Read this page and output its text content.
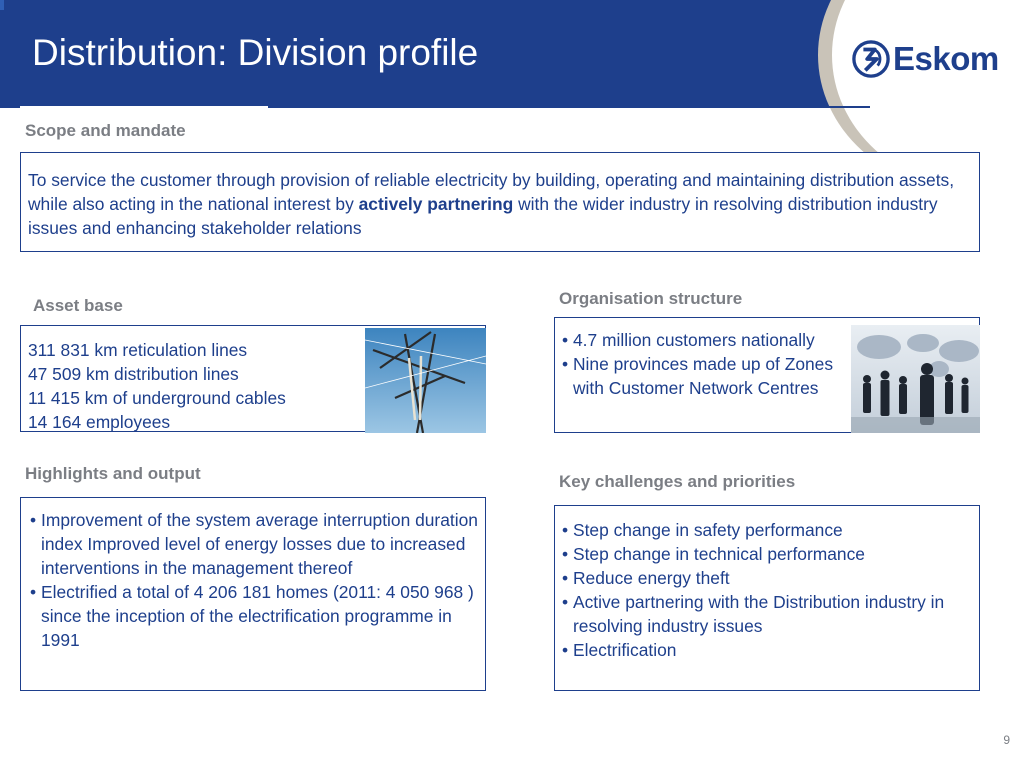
Distribution: Division profile	Eskom
Scope and mandate

To service the customer through provision of reliable electricity by building, operating and maintaining distribution assets, while also acting in the national interest by actively partnering with the wider industry in resolving distribution industry issues and enhancing stakeholder relations

Asset base
311 831 km reticulation lines
47 509 km distribution lines
11 415 km of underground cables
14 164 employees
Organisation structure
• 4.7 million customers nationally
• Nine provinces made up of Zones with Customer Network Centres
Highlights and output
• Improvement of the system average interruption duration index Improved level of energy losses due to increased interventions in the management thereof
• Electrified a total of 4 206 181 homes (2011: 4 050 968 ) since the inception of the electrification programme in 1991
Key challenges and priorities
• Step change in safety performance
• Step change in technical performance
• Reduce energy theft
• Active partnering with the Distribution industry in resolving industry issues
• Electrification
9
